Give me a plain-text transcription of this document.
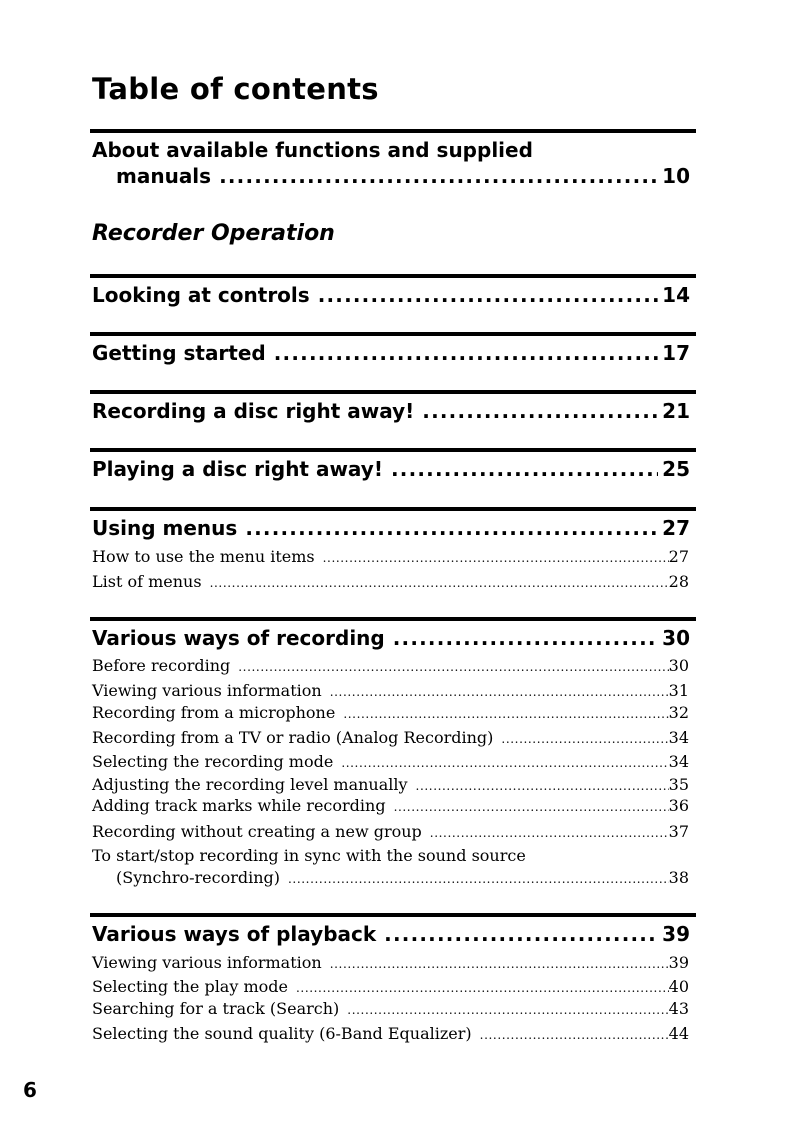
Table of contents
About available functions and supplied
manuals .....	10
Recorder Operation
Looking at controls .....	14
Getting started .....	17
Recording a disc right away! .....	21
Playing a disc right away! .....	25
Using menus .....	27
How to use the menu items .....	27
List of menus .....	28
Various ways of recording .....	30
Before recording .....	30
Viewing various information .....	31
Recording from a microphone .....	32
Recording from a TV or radio (Analog Recording) .....	34
Selecting the recording mode .....	34
Adjusting the recording level manually .....	35
Adding track marks while recording .....	36
Recording without creating a new group .....	37
To start/stop recording in sync with the sound source
(Synchro-recording) .....	38
Various ways of playback .....	39
Viewing various information .....	39
Selecting the play mode .....	40
Searching for a track (Search) .....	43
Selecting the sound quality (6-Band Equalizer) .....	44
6
